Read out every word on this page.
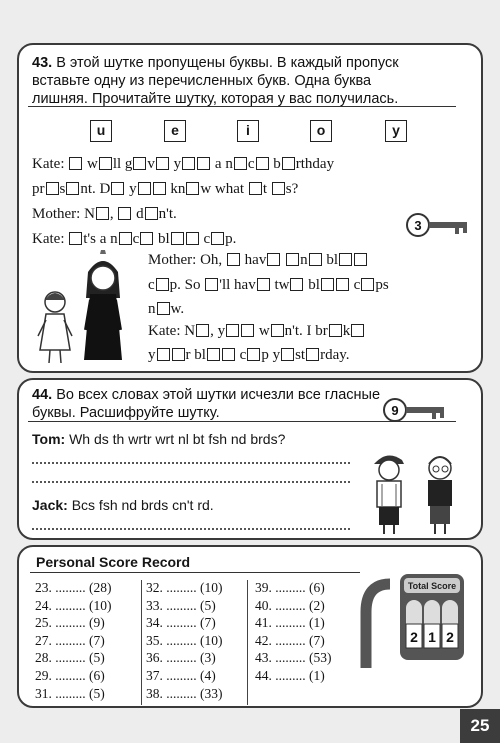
43. В этой шутке пропущены буквы. В каждый пропуск
вставьте одну из перечисленных букв. Одна буква
лишняя. Прочитайте шутку, которая у вас получилась.
u	e	i	o	y
Kate:  w ll g v y a n c b rthday
pr s nt. D y kn w what t s?
Mother: N ,  d n't.
Kate: t's a n c bl c p.
Mother: Oh,  hav n bl
c p. So 'll hav tw bl c ps
n w.
Kate: N , y w n't. I br k
y r bl c p y st rday.
3
44. Во всех словах этой шутки исчезли все гласные
буквы. Расшифруйте шутку.	9
Tom: Wh ds th wrtr wrt nl bt fsh nd brds?
Jack: Bcs fsh nd brds cn't rd.
Personal Score Record
23. ......... (28)
24. ......... (10)
25. ......... (9)
27. ......... (7)
28. ......... (5)
29. ......... (6)
31. ......... (5)
32. ......... (10)
33. ......... (5)
34. ......... (7)
35. ......... (10)
36. ......... (3)
37. ......... (4)
38. ......... (33)
39. ......... (6)
40. ......... (2)
41. ......... (1)
42. ......... (7)
43. ......... (53)
44. ......... (1)
Total Score
2 1 2
25
